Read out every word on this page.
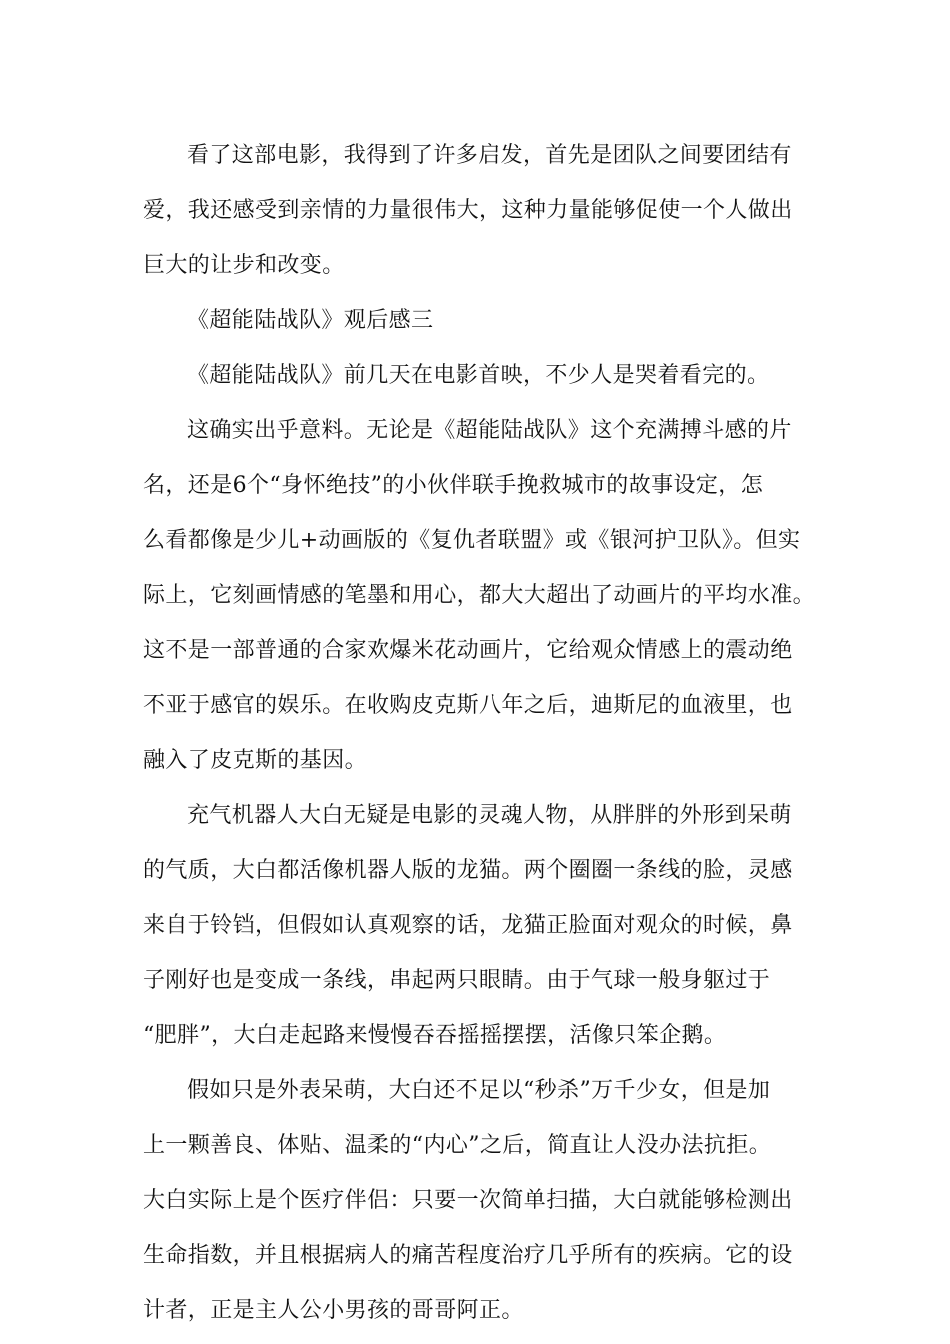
看了这部电影，我得到了许多启发，首先是团队之间要团结有
爱，我还感受到亲情的力量很伟大，这种力量能够促使一个人做出
巨大的让步和改变。
《超能陆战队》观后感三
《超能陆战队》前几天在电影首映，不少人是哭着看完的。
这确实出乎意料。无论是《超能陆战队》这个充满搏斗感的片
名，还是6个“身怀绝技”的小伙伴联手挽救城市的故事设定，怎
么看都像是少儿+动画版的《复仇者联盟》或《银河护卫队》。但实
际上，它刻画情感的笔墨和用心，都大大超出了动画片的平均水准。
这不是一部普通的合家欢爆米花动画片，它给观众情感上的震动绝
不亚于感官的娱乐。在收购皮克斯八年之后，迪斯尼的血液里，也
融入了皮克斯的基因。
充气机器人大白无疑是电影的灵魂人物，从胖胖的外形到呆萌
的气质，大白都活像机器人版的龙猫。两个圈圈一条线的脸，灵感
来自于铃铛，但假如认真观察的话，龙猫正脸面对观众的时候，鼻
子刚好也是变成一条线，串起两只眼睛。由于气球一般身躯过于
“肥胖”，大白走起路来慢慢吞吞摇摇摆摆，活像只笨企鹅。
假如只是外表呆萌，大白还不足以“秒杀”万千少女，但是加
上一颗善良、体贴、温柔的“内心”之后，简直让人没办法抗拒。
大白实际上是个医疗伴侣：只要一次简单扫描，大白就能够检测出
生命指数，并且根据病人的痛苦程度治疗几乎所有的疾病。它的设
计者，正是主人公小男孩的哥哥阿正。
